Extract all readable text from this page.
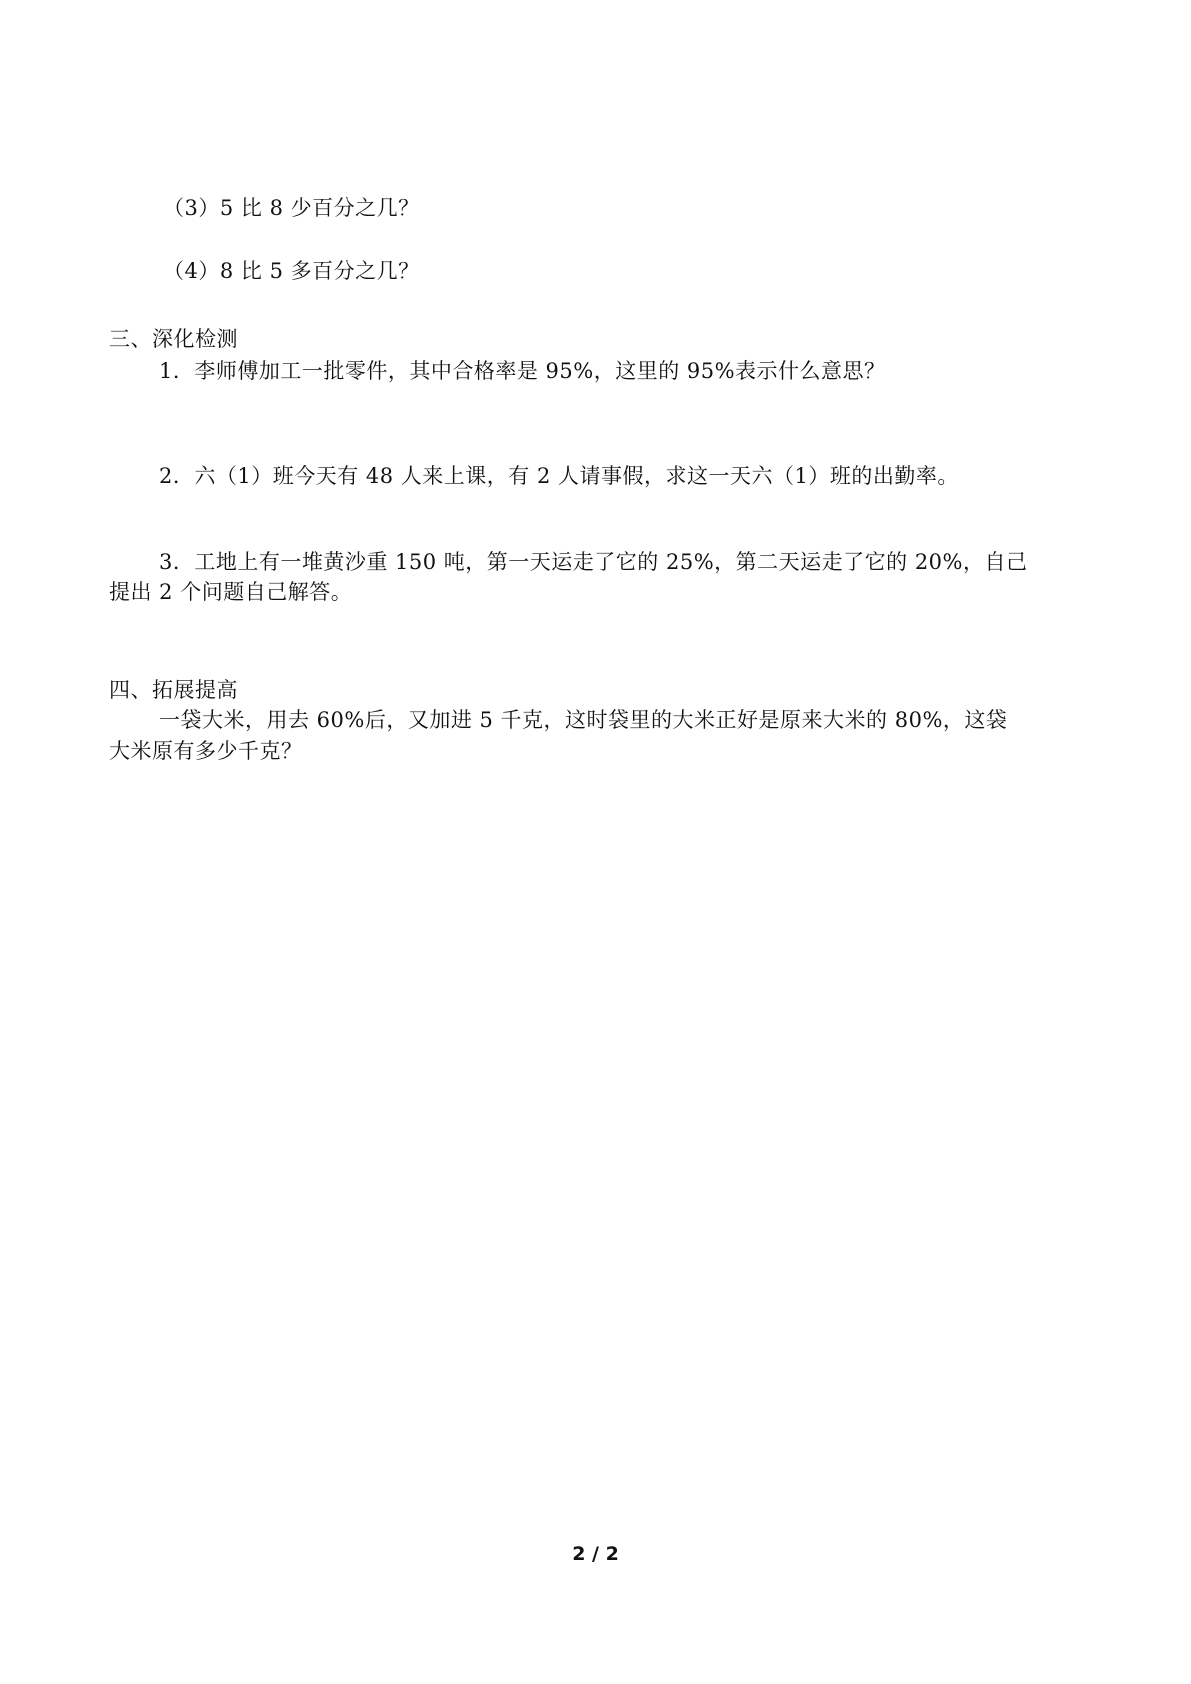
（3）5 比 8 少百分之几？
（4）8 比 5 多百分之几？
三、深化检测
1．李师傅加工一批零件，其中合格率是 95%，这里的 95%表示什么意思？
2．六（1）班今天有 48 人来上课，有 2 人请事假，求这一天六（1）班的出勤率。
3．工地上有一堆黄沙重 150 吨，第一天运走了它的 25%，第二天运走了它的 20%，自己
提出 2 个问题自己解答。
四、拓展提高
一袋大米，用去 60%后，又加进 5 千克，这时袋里的大米正好是原来大米的 80%，这袋
大米原有多少千克？
2 / 2
